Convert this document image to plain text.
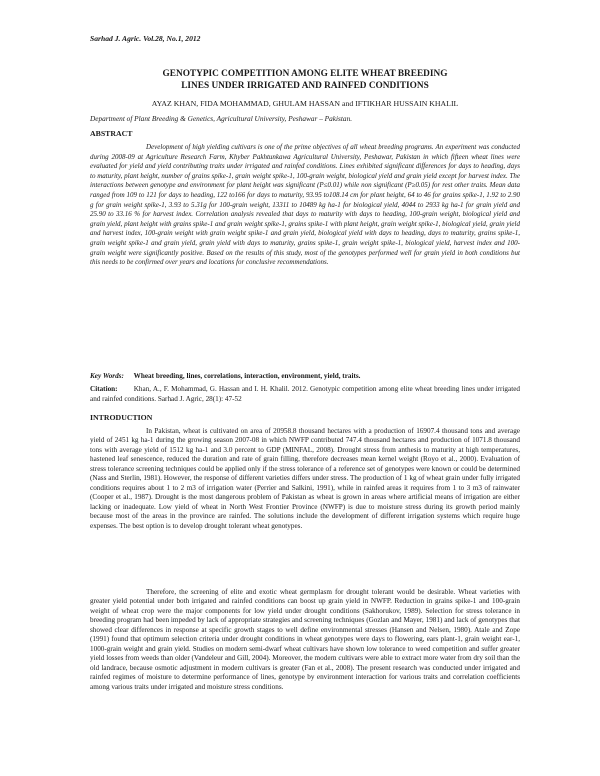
Sarhad J. Agric. Vol.28, No.1, 2012
GENOTYPIC COMPETITION AMONG ELITE WHEAT BREEDING
LINES UNDER IRRIGATED AND RAINFED CONDITIONS
AYAZ KHAN, FIDA MOHAMMAD, GHULAM HASSAN and IFTIKHAR HUSSAIN KHALIL
Department of Plant Breeding & Genetics, Agricultural University, Peshawar – Pakistan.
ABSTRACT
Development of high yielding cultivars is one of the prime objectives of all wheat breeding programs. An experiment was conducted during 2008-09 at Agriculture Research Farm, Khyber Pakhtunkawa Agricultural University, Peshawar, Pakistan in which fifteen wheat lines were evaluated for yield and yield contributing traits under irrigated and rainfed conditions. Lines exhibited significant differences for days to heading, days to maturity, plant height, number of grains spike-1, grain weight spike-1, 100-grain weight, biological yield and grain yield except for harvest index. The interactions between genotype and environment for plant height was significant (P≤0.01) while non significant (P≥0.05) for rest other traits. Mean data ranged from 109 to 121 for days to heading, 122 to166 for days to maturity, 93.95 to108.14 cm for plant height, 64 to 46 for grains spike-1, 1.92 to 2.90 g for grain weight spike-1, 3.93 to 5.31g for 100-grain weight, 13311 to 10489 kg ha-1 for biological yield, 4044 to 2933 kg ha-1 for grain yield and 25.90 to 33.16 % for harvest index. Correlation analysis revealed that days to maturity with days to heading, 100-grain weight, biological yield and grain yield, plant height with grains spike-1 and grain weight spike-1, grains spike-1 with plant height, grain weight spike-1, biological yield, grain yield and harvest index, 100-grain weight with grain weight spike-1 and grain yield, biological yield with days to heading, days to maturity, grains spike-1, grain weight spike-1 and grain yield, grain yield with days to maturity, grains spike-1, grain weight spike-1, biological yield, harvest index and 100-grain weight were significantly positive. Based on the results of this study, most of the genotypes performed well for grain yield in both conditions but this needs to be confirmed over years and locations for conclusive recommendations.
Key Words: Wheat breeding, lines, correlations, interaction, environment, yield, traits.
Citation: Khan, A., F. Mohammad, G. Hassan and I. H. Khalil. 2012. Genotypic competition among elite wheat breeding lines under irrigated and rainfed conditions. Sarhad J. Agric, 28(1): 47-52
INTRODUCTION
In Pakistan, wheat is cultivated on area of 20958.8 thousand hectares with a production of 16907.4 thousand tons and average yield of 2451 kg ha-1 during the growing season 2007-08 in which NWFP contributed 747.4 thousand hectares and production of 1071.8 thousand tons with average yield of 1512 kg ha-1 and 3.0 percent to GDP (MINFAL, 2008). Drought stress from anthesis to maturity at high temperatures, hastened leaf senescence, reduced the duration and rate of grain filling, therefore decreases mean kernel weight (Royo et al., 2000). Evaluation of stress tolerance screening techniques could be applied only if the stress tolerance of a reference set of genotypes were known or could be determined (Nass and Sterlin, 1981). However, the response of different varieties differs under stress. The production of 1 kg of wheat grain under fully irrigated conditions requires about 1 to 2 m3 of irrigation water (Perrier and Salkini, 1991), while in rainfed areas it requires from 1 to 3 m3 of rainwater (Cooper et al., 1987). Drought is the most dangerous problem of Pakistan as wheat is grown in areas where artificial means of irrigation are either lacking or inadequate. Low yield of wheat in North West Frontier Province (NWFP) is due to moisture stress during its growth period mainly because most of the areas in the province are rainfed. The solutions include the development of different irrigation systems which require huge expenses. The best option is to develop drought tolerant wheat genotypes.
Therefore, the screening of elite and exotic wheat germplasm for drought tolerant would be desirable. Wheat varieties with greater yield potential under both irrigated and rainfed conditions can boost up grain yield in NWFP. Reduction in grains spike-1 and 100-grain weight of wheat crop were the major components for low yield under drought conditions (Sakhorukov, 1989). Selection for stress tolerance in breeding program had been impeded by lack of appropriate strategies and screening techniques (Gozlan and Mayer, 1981) and lack of genotypes that showed clear differences in response at specific growth stages to well define environmental stresses (Hansen and Nelsen, 1980). Atale and Zope (1991) found that optimum selection criteria under drought conditions in wheat genotypes were days to flowering, ears plant-1, grain weight ear-1, 1000-grain weight and grain yield. Studies on modern semi-dwarf wheat cultivars have shown low tolerance to weed competition and suffer greater yield losses from weeds than older (Vandeleur and Gill, 2004). Moreover, the modern cultivars were able to extract more water from dry soil than the old landrace, because osmotic adjustment in modern cultivars is greater (Fan et al., 2008). The present research was conducted under irrigated and rainfed regimes of moisture to determine performance of lines, genotype by environment interaction for various traits and correlation coefficients among various traits under irrigated and moisture stress conditions.
